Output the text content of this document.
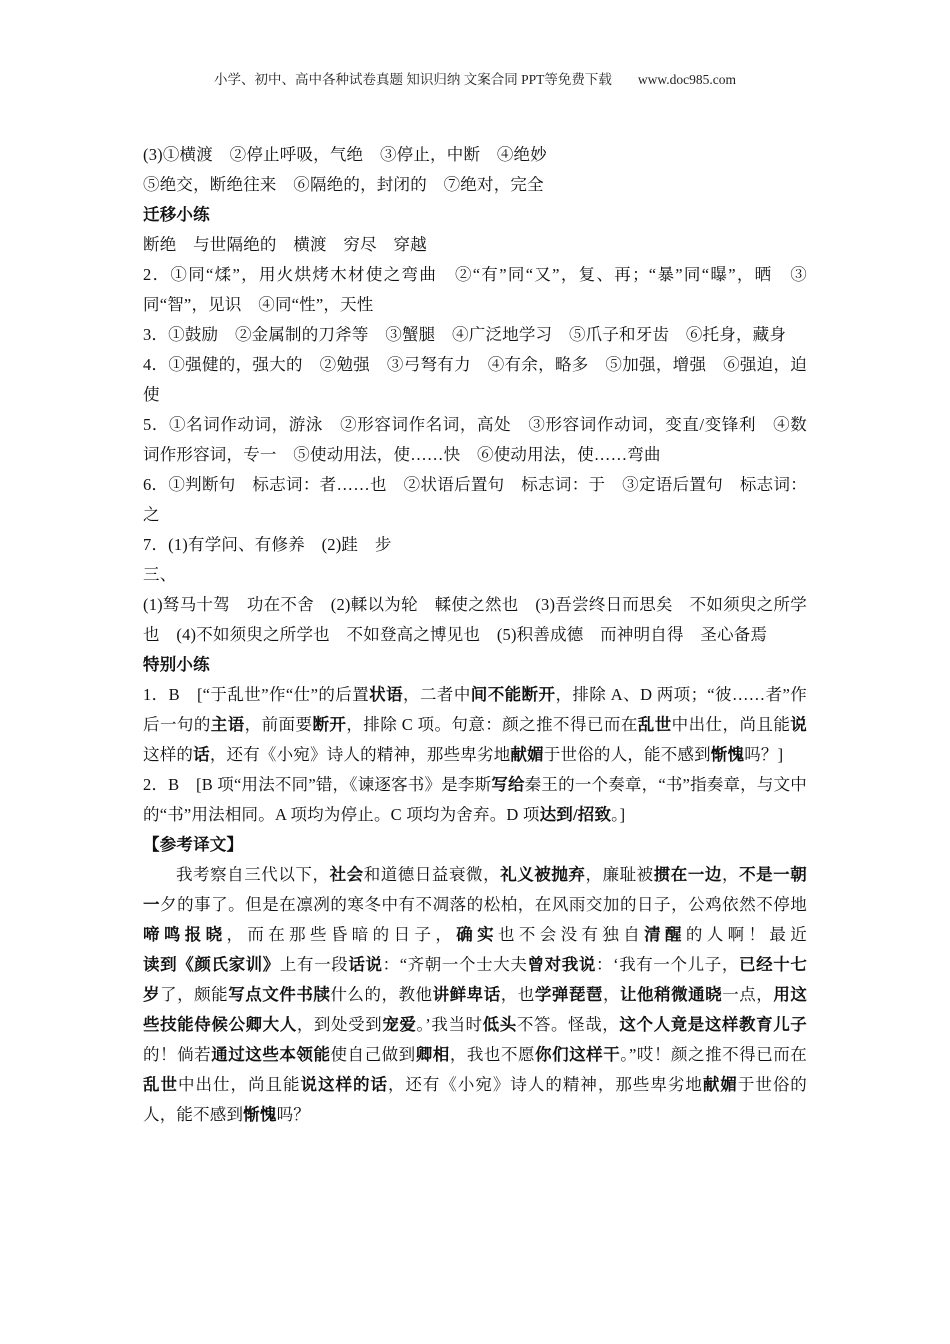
小学、初中、高中各种试卷真题 知识归纳 文案合同 PPT等免费下载 www.doc985.com

(3)①横渡　②停止呼吸，气绝　③停止，中断　④绝妙

⑤绝交，断绝往来　⑥隔绝的，封闭的　⑦绝对，完全

迁移小练

断绝　与世隔绝的　横渡　穷尽　穿越

2．①同“煣”，用火烘烤木材使之弯曲　②“有”同“又”，复、再；“暴”同“曝”，晒　③同“智”，见识　④同“性”，天性

3．①鼓励　②金属制的刀斧等　③蟹腿　④广泛地学习　⑤爪子和牙齿　⑥托身，藏身

4．①强健的，强大的　②勉强　③弓弩有力　④有余，略多　⑤加强，增强　⑥强迫，迫使

5．①名词作动词，游泳　②形容词作名词，高处　③形容词作动词，变直/变锋利　④数词作形容词，专一　⑤使动用法，使……快　⑥使动用法，使……弯曲

6．①判断句　标志词：者……也　②状语后置句　标志词：于　③定语后置句　标志词：之

7．(1)有学问、有修养　(2)跬　步

三、

(1)驽马十驾　功在不舍　(2)輮以为轮　輮使之然也　(3)吾尝终日而思矣　不如须臾之所学也　(4)不如须臾之所学也　不如登高之博见也　(5)积善成德　而神明自得　圣心备焉

特别小练

1．B　[“于乱世”作“仕”的后置状语，二者中间不能断开，排除 A、D 两项；“彼……者”作后一句的主语，前面要断开，排除 C 项。句意：颜之推不得已而在乱世中出仕，尚且能说这样的话，还有《小宛》诗人的精神，那些卑劣地献媚于世俗的人，能不感到惭愧吗？]

2．B　[B 项“用法不同”错，《谏逐客书》是李斯写给秦王的一个奏章，“书”指奏章，与文中的“书”用法相同。A 项均为停止。C 项均为舍弃。D 项达到/招致。]

【参考译文】

我考察自三代以下，社会和道德日益衰微，礼义被抛弃，廉耻被掼在一边，不是一朝一夕的事了。但是在凛冽的寒冬中有不凋落的松柏，在风雨交加的日子，公鸡依然不停地啼鸣报晓，而在那些昏暗的日子，确实也不会没有独自清醒的人啊！最近读到《颜氏家训》上有一段话说：“齐朝一个士大夫曾对我说：‘我有一个儿子，已经十七岁了，颇能写点文件书牍什么的，教他讲鲜卑话，也学弹琵琶，让他稍微通晓一点，用这些技能侍候公卿大人，到处受到宠爱。’我当时低头不答。怪哉，这个人竟是这样教育儿子的！倘若通过这些本领能使自己做到卿相，我也不愿你们这样干。”哎！颜之推不得已而在乱世中出仕，尚且能说这样的话，还有《小宛》诗人的精神，那些卑劣地献媚于世俗的人，能不感到惭愧吗？
